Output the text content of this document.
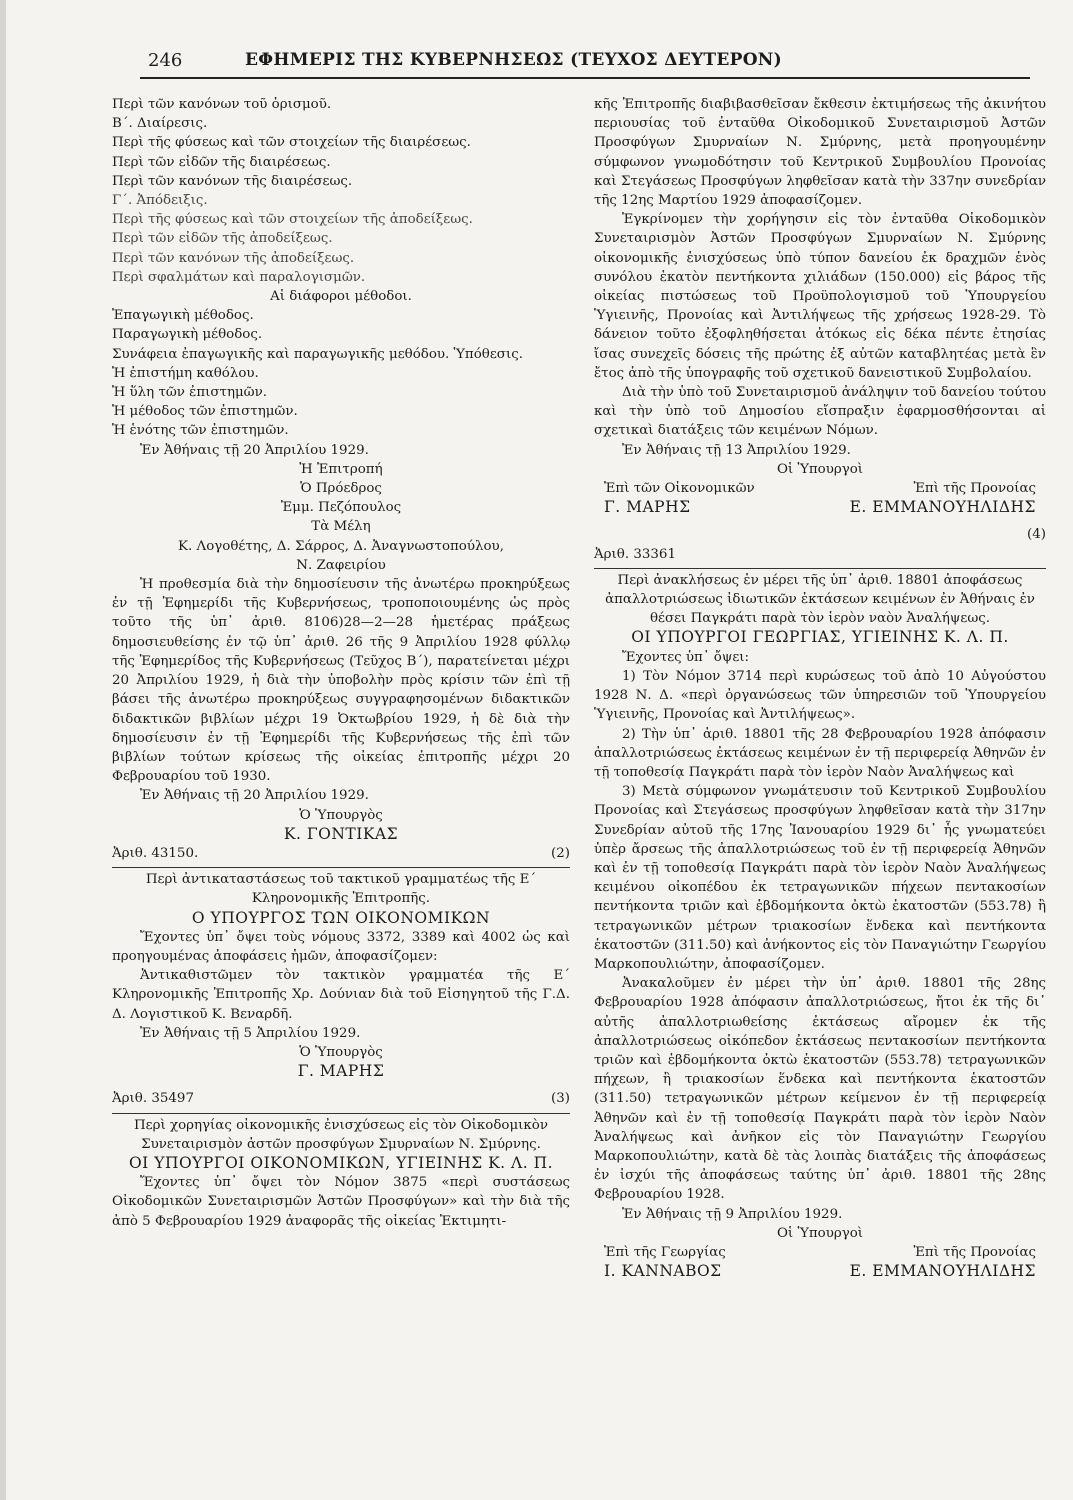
246	ΕΦΗΜΕΡΙΣ ΤΗΣ ΚΥΒΕΡΝΗΣΕΩΣ (ΤΕΥΧΟΣ ΔΕΥΤΕΡΟΝ)

Περὶ τῶν κανόνων τοῦ ὁρισμοῦ.

Β΄. Διαίρεσις.

Περὶ τῆς φύσεως καὶ τῶν στοιχείων τῆς διαιρέσεως.

Περὶ τῶν εἰδῶν τῆς διαιρέσεως.

Περὶ τῶν κανόνων τῆς διαιρέσεως.

Γ΄. Ἀπόδειξις.

Περὶ τῆς φύσεως καὶ τῶν στοιχείων τῆς ἀποδείξεως.

Περὶ τῶν εἰδῶν τῆς ἀποδείξεως.

Περὶ τῶν κανόνων τῆς ἀποδείξεως.

Περὶ σφαλμάτων καὶ παραλογισμῶν.

Αἱ διάφοροι μέθοδοι.

Ἐπαγωγικὴ μέθοδος.

Παραγωγικὴ μέθοδος.

Συνάφεια ἐπαγωγικῆς καὶ παραγωγικῆς μεθόδου. Ὑπόθεσις.

Ἡ ἐπιστήμη καθόλου.

Ἡ ὕλη τῶν ἐπιστημῶν.

Ἡ μέθοδος τῶν ἐπιστημῶν.

Ἡ ἑνότης τῶν ἐπιστημῶν.

Ἐν Ἀθήναις τῇ 20 Ἀπριλίου 1929.

Ἡ Ἐπιτροπή

Ὁ Πρόεδρος

Ἐμμ. Πεζόπουλος

Τὰ Μέλη

Κ. Λογοθέτης, Δ. Σάρρος, Δ. Ἀναγνωστοπούλου,

Ν. Ζαφειρίου

Ἡ προθεσμία διὰ τὴν δημοσίευσιν τῆς ἀνωτέρω προκηρύξεως ἐν τῇ Ἐφημερίδι τῆς Κυβερνήσεως, τροποποιουμένης ὡς πρὸς τοῦτο τῆς ὑπ᾽ ἀριθ. 8106)28—2—28 ἡμετέρας πράξεως δημοσιευθείσης ἐν τῷ ὑπ᾽ ἀριθ. 26 τῆς 9 Ἀπριλίου 1928 φύλλῳ τῆς Ἐφημερίδος τῆς Κυβερνήσεως (Τεῦχος Β΄), παρατείνεται μέχρι 20 Ἀπριλίου 1929, ἡ διὰ τὴν ὑποβολὴν πρὸς κρίσιν τῶν ἐπὶ τῇ βάσει τῆς ἀνωτέρω προκηρύξεως συγγραφησομένων διδακτικῶν διδακτικῶν βιβλίων μέχρι 19 Ὀκτωβρίου 1929, ἡ δὲ διὰ τὴν δημοσίευσιν ἐν τῇ Ἐφημερίδι τῆς Κυβερνήσεως τῆς ἐπὶ τῶν βιβλίων τούτων κρίσεως τῆς οἰκείας ἐπιτροπῆς μέχρι 20 Φεβρουαρίου τοῦ 1930.

Ἐν Ἀθήναις τῇ 20 Ἀπριλίου 1929.

Ὁ Ὑπουργὸς

Κ. ΓΟΝΤΙΚΑΣ

Ἀριθ. 43150.	(2)

Περὶ ἀντικαταστάσεως τοῦ τακτικοῦ γραμματέως τῆς Ε΄

Κληρονομικῆς Ἐπιτροπῆς.

Ο ΥΠΟΥΡΓΟΣ ΤΩΝ ΟΙΚΟΝΟΜΙΚΩΝ

Ἔχοντες ὑπ᾽ ὄψει τοὺς νόμους 3372, 3389 καὶ 4002 ὡς καὶ προηγουμένας ἀποφάσεις ἡμῶν, ἀποφασίζομεν:

Ἀντικαθιστῶμεν τὸν τακτικὸν γραμματέα τῆς Ε΄ Κληρονομικῆς Ἐπιτροπῆς Χρ. Δούνιαν διὰ τοῦ Εἰσηγητοῦ τῆς Γ.Δ. Δ. Λογιστικοῦ Κ. Βεναρδῆ.

Ἐν Ἀθήναις τῇ 5 Ἀπριλίου 1929.

Ὁ Ὑπουργὸς

Γ. ΜΑΡΗΣ

Ἀριθ. 35497	(3)

Περὶ χορηγίας οἰκονομικῆς ἐνισχύσεως εἰς τὸν Οἰκοδομικὸν Συνεταιρισμὸν ἀστῶν προσφύγων Σμυρναίων Ν. Σμύρνης.

ΟΙ ΥΠΟΥΡΓΟΙ ΟΙΚΟΝΟΜΙΚΩΝ, ΥΓΙΕΙΝΗΣ Κ. Λ. Π.

Ἔχοντες ὑπ᾽ ὄψει τὸν Νόμον 3875 «περὶ συστάσεως Οἰκοδομικῶν Συνεταιρισμῶν Ἀστῶν Προσφύγων» καὶ τὴν διὰ τῆς ἀπὸ 5 Φεβρουαρίου 1929 ἀναφορᾶς τῆς οἰκείας Ἐκτιμητι-

κῆς Ἐπιτροπῆς διαβιβασθεῖσαν ἔκθεσιν ἐκτιμήσεως τῆς ἀκινήτου περιουσίας τοῦ ἐνταῦθα Οἰκοδομικοῦ Συνεταιρισμοῦ Ἀστῶν Προσφύγων Σμυρναίων Ν. Σμύρνης, μετὰ προηγουμένην σύμφωνον γνωμοδότησιν τοῦ Κεντρικοῦ Συμβουλίου Προνοίας καὶ Στεγάσεως Προσφύγων ληφθεῖσαν κατὰ τὴν 337ην συνεδρίαν τῆς 12ης Μαρτίου 1929 ἀποφασίζομεν.

Ἐγκρίνομεν τὴν χορήγησιν εἰς τὸν ἐνταῦθα Οἰκοδομικὸν Συνεταιρισμὸν Ἀστῶν Προσφύγων Σμυρναίων Ν. Σμύρνης οἰκονομικῆς ἐνισχύσεως ὑπὸ τύπον δανείου ἐκ δραχμῶν ἑνὸς συνόλου ἑκατὸν πεντήκοντα χιλιάδων (150.000) εἰς βάρος τῆς οἰκείας πιστώσεως τοῦ Προϋπολογισμοῦ τοῦ Ὑπουργείου Ὑγιεινῆς, Προνοίας καὶ Ἀντιλήψεως τῆς χρήσεως 1928-29. Τὸ δάνειον τοῦτο ἐξοφληθήσεται ἀτόκως εἰς δέκα πέντε ἐτησίας ἴσας συνεχεῖς δόσεις τῆς πρώτης ἐξ αὐτῶν καταβλητέας μετὰ ἓν ἔτος ἀπὸ τῆς ὑπογραφῆς τοῦ σχετικοῦ δανειστικοῦ Συμβολαίου.

Διὰ τὴν ὑπὸ τοῦ Συνεταιρισμοῦ ἀνάληψιν τοῦ δανείου τούτου καὶ τὴν ὑπὸ τοῦ Δημοσίου εἴσπραξιν ἐφαρμοσθήσονται αἱ σχετικαὶ διατάξεις τῶν κειμένων Νόμων.

Ἐν Ἀθήναις τῇ 13 Ἀπριλίου 1929.

Οἱ Ὑπουργοὶ

Ἐπὶ τῶν Οἰκονομικῶν	Ἐπὶ τῆς Προνοίας
Γ. ΜΑΡΗΣ	Ε. ΕΜΜΑΝΟΥΗΛΙΔΗΣ

(4)

Ἀριθ. 33361

Περὶ ἀνακλήσεως ἐν μέρει τῆς ὑπ᾽ ἀριθ. 18801 ἀποφάσεως ἀπαλλοτριώσεως ἰδιωτικῶν ἐκτάσεων κειμένων ἐν Ἀθήναις ἐν θέσει Παγκράτι παρὰ τὸν ἱερὸν ναὸν Ἀναλήψεως.

ΟΙ ΥΠΟΥΡΓΟΙ ΓΕΩΡΓΙΑΣ, ΥΓΙΕΙΝΗΣ Κ. Λ. Π.

Ἔχοντες ὑπ᾽ ὄψει:

1) Τὸν Νόμον 3714 περὶ κυρώσεως τοῦ ἀπὸ 10 Αὐγούστου 1928 Ν. Δ. «περὶ ὀργανώσεως τῶν ὑπηρεσιῶν τοῦ Ὑπουργείου Ὑγιεινῆς, Προνοίας καὶ Ἀντιλήψεως».

2) Τὴν ὑπ᾽ ἀριθ. 18801 τῆς 28 Φεβρουαρίου 1928 ἀπόφασιν ἀπαλλοτριώσεως ἐκτάσεως κειμένων ἐν τῇ περιφερείᾳ Ἀθηνῶν ἐν τῇ τοποθεσίᾳ Παγκράτι παρὰ τὸν ἱερὸν Ναὸν Ἀναλήψεως καὶ

3) Μετὰ σύμφωνον γνωμάτευσιν τοῦ Κεντρικοῦ Συμβουλίου Προνοίας καὶ Στεγάσεως προσφύγων ληφθεῖσαν κατὰ τὴν 317ην Συνεδρίαν αὐτοῦ τῆς 17ης Ἰανουαρίου 1929 δι᾽ ἧς γνωματεύει ὑπὲρ ἄρσεως τῆς ἀπαλλοτριώσεως τοῦ ἐν τῇ περιφερείᾳ Ἀθηνῶν καὶ ἐν τῇ τοποθεσίᾳ Παγκράτι παρὰ τὸν ἱερὸν Ναὸν Ἀναλήψεως κειμένου οἰκοπέδου ἐκ τετραγωνικῶν πήχεων πεντακοσίων πεντήκοντα τριῶν καὶ ἑβδομήκοντα ὀκτὼ ἑκατοστῶν (553.78) ἢ τετραγωνικῶν μέτρων τριακοσίων ἕνδεκα καὶ πεντήκοντα ἑκατοστῶν (311.50) καὶ ἀνήκοντος εἰς τὸν Παναγιώτην Γεωργίου Μαρκοπουλιώτην, ἀποφασίζομεν.

Ἀνακαλοῦμεν ἐν μέρει τὴν ὑπ᾽ ἀριθ. 18801 τῆς 28ης Φεβρουαρίου 1928 ἀπόφασιν ἀπαλλοτριώσεως, ἤτοι ἐκ τῆς δι᾽ αὐτῆς ἀπαλλοτριωθείσης ἐκτάσεως αἴρομεν ἐκ τῆς ἀπαλλοτριώσεως οἰκόπεδον ἐκτάσεως πεντακοσίων πεντήκοντα τριῶν καὶ ἑβδομήκοντα ὀκτὼ ἑκατοστῶν (553.78) τετραγωνικῶν πήχεων, ἢ τριακοσίων ἕνδεκα καὶ πεντήκοντα ἑκατοστῶν (311.50) τετραγωνικῶν μέτρων κείμενον ἐν τῇ περιφερείᾳ Ἀθηνῶν καὶ ἐν τῇ τοποθεσίᾳ Παγκράτι παρὰ τὸν ἱερὸν Ναὸν Ἀναλήψεως καὶ ἀνῆκον εἰς τὸν Παναγιώτην Γεωργίου Μαρκοπουλιώτην, κατὰ δὲ τὰς λοιπὰς διατάξεις τῆς ἀποφάσεως ἐν ἰσχύι τῆς ἀποφάσεως ταύτης ὑπ᾽ ἀριθ. 18801 τῆς 28ης Φεβρουαρίου 1928.

Ἐν Ἀθήναις τῇ 9 Ἀπριλίου 1929.

Οἱ Ὑπουργοὶ

Ἐπὶ τῆς Γεωργίας	Ἐπὶ τῆς Προνοίας
Ι. ΚΑΝΝΑΒΟΣ	Ε. ΕΜΜΑΝΟΥΗΛΙΔΗΣ
